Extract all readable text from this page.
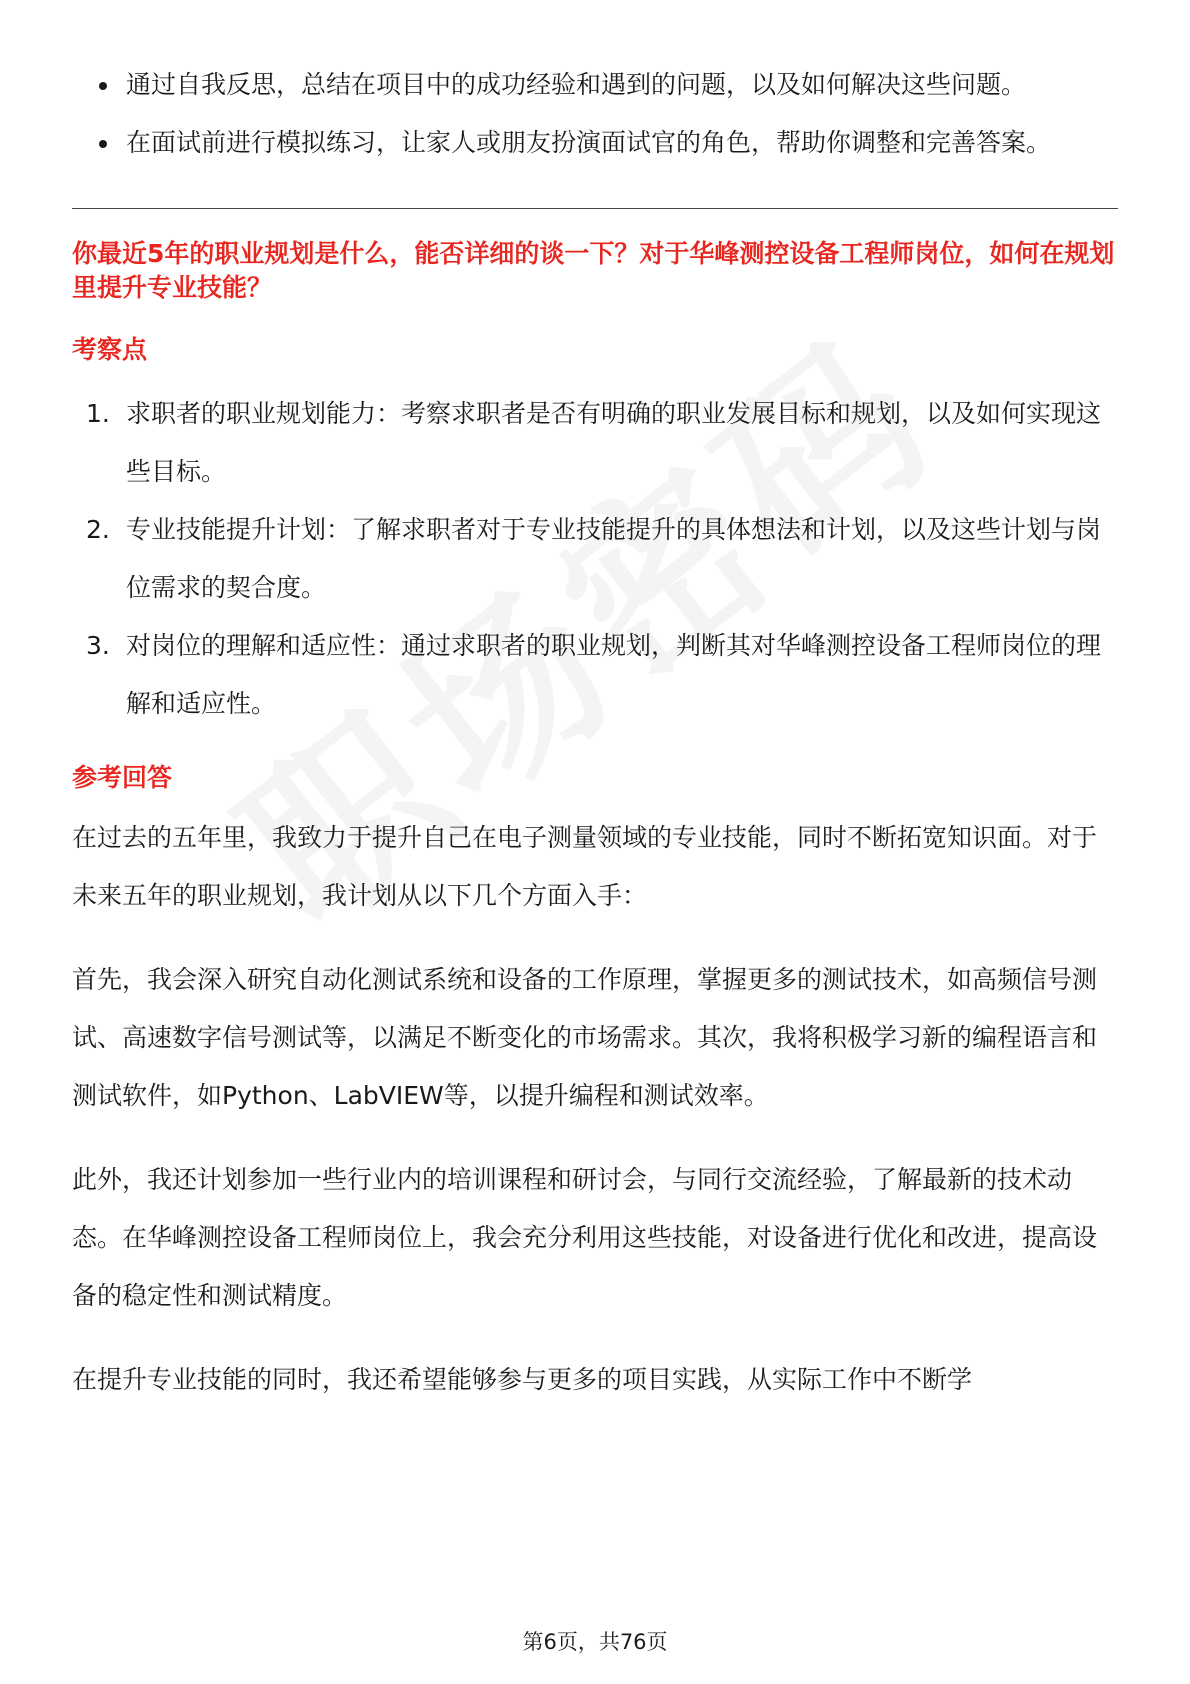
通过自我反思，总结在项目中的成功经验和遇到的问题，以及如何解决这些问题。
在面试前进行模拟练习，让家人或朋友扮演面试官的角色，帮助你调整和完善答案。

你最近5年的职业规划是什么，能否详细的谈一下？对于华峰测控设备工程师岗位，如何在规划里提升专业技能？

考察点
1. 求职者的职业规划能力：考察求职者是否有明确的职业发展目标和规划，以及如何实现这些目标。
2. 专业技能提升计划：了解求职者对于专业技能提升的具体想法和计划，以及这些计划与岗位需求的契合度。
3. 对岗位的理解和适应性：通过求职者的职业规划，判断其对华峰测控设备工程师岗位的理解和适应性。
参考回答

在过去的五年里，我致力于提升自己在电子测量领域的专业技能，同时不断拓宽知识面。对于未来五年的职业规划，我计划从以下几个方面入手：

首先，我会深入研究自动化测试系统和设备的工作原理，掌握更多的测试技术，如高频信号测试、高速数字信号测试等，以满足不断变化的市场需求。其次，我将积极学习新的编程语言和测试软件，如Python、LabVIEW等，以提升编程和测试效率。

此外，我还计划参加一些行业内的培训课程和研讨会，与同行交流经验，了解最新的技术动态。在华峰测控设备工程师岗位上，我会充分利用这些技能，对设备进行优化和改进，提高设备的稳定性和测试精度。

在提升专业技能的同时，我还希望能够参与更多的项目实践，从实际工作中不断学

第6页，共76页
